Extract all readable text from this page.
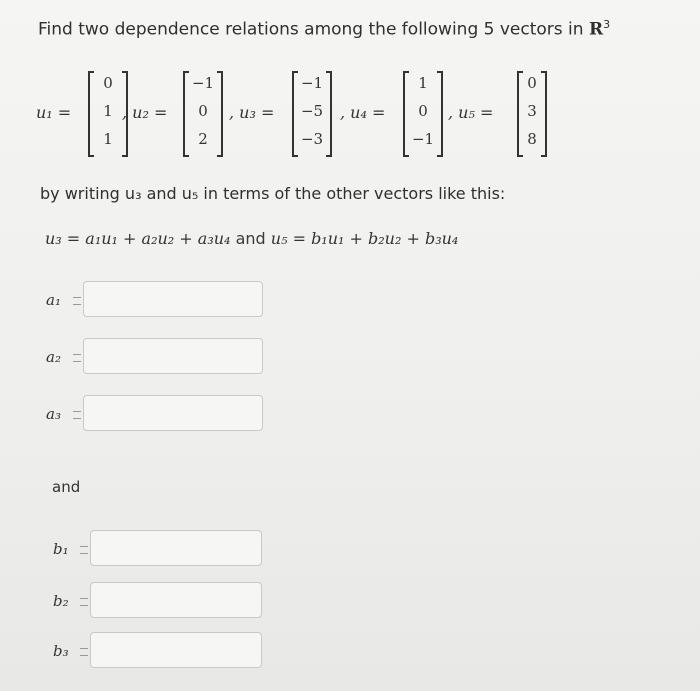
Find two dependence relations among the following 5 vectors in $R^3$
u₁ =
0
1
1
, u₂ =
−1
0
2
, u₃ =
−1
−5
−3
, u₄ =
1
0
−1
, u₅ =
0
3
8
by writing u₃ and u₅ in terms of the other vectors like this:
u₃ = a₁u₁ + a₂u₂ + a₃u₄ and u₅ = b₁u₁ + b₂u₂ + b₃u₄
a₁
a₂
a₃
and
b₁
b₂
b₃
